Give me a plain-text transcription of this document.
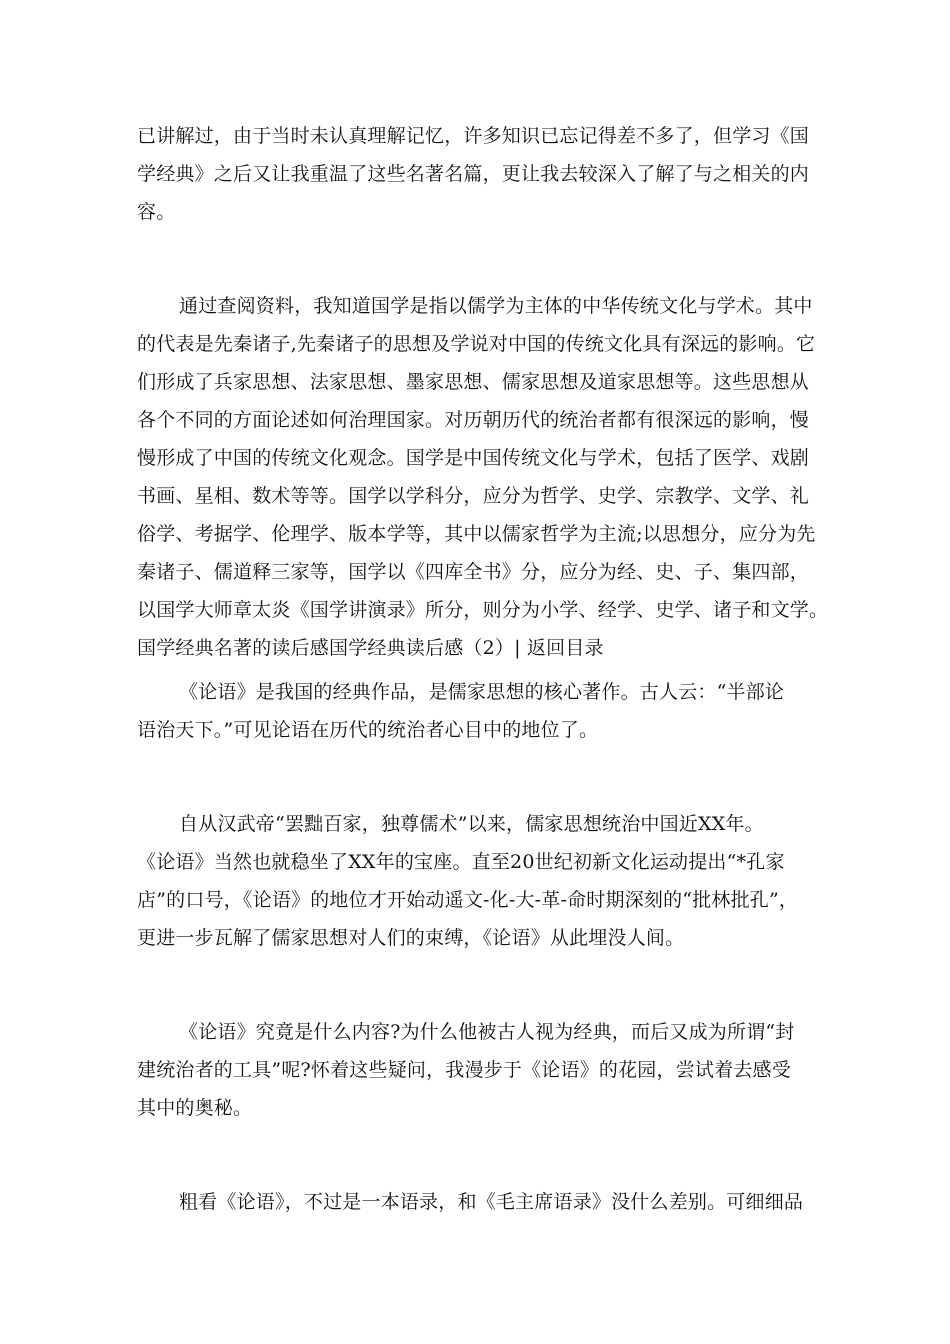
已讲解过，由于当时未认真理解记忆，许多知识已忘记得差不多了，但学习《国
学经典》之后又让我重温了这些名著名篇，更让我去较深入了解了与之相关的内
容。
通过查阅资料，我知道国学是指以儒学为主体的中华传统文化与学术。其中
的代表是先秦诸子,先秦诸子的思想及学说对中国的传统文化具有深远的影响。它
们形成了兵家思想、法家思想、墨家思想、儒家思想及道家思想等。这些思想从
各个不同的方面论述如何治理国家。对历朝历代的统治者都有很深远的影响，慢
慢形成了中国的传统文化观念。国学是中国传统文化与学术，包括了医学、戏剧
书画、星相、数术等等。国学以学科分，应分为哲学、史学、宗教学、文学、礼
俗学、考据学、伦理学、版本学等，其中以儒家哲学为主流;以思想分，应分为先
秦诸子、儒道释三家等，国学以《四库全书》分，应分为经、史、子、集四部，
以国学大师章太炎《国学讲演录》所分，则分为小学、经学、史学、诸子和文学。
国学经典名著的读后感国学经典读后感（2）| 返回目录
《论语》是我国的经典作品，是儒家思想的核心著作。古人云：“半部论
语治天下。”可见论语在历代的统治者心目中的地位了。
自从汉武帝“罢黜百家，独尊儒术”以来，儒家思想统治中国近XX年。
《论语》当然也就稳坐了XX年的宝座。直至20世纪初新文化运动提出“*孔家
店”的口号，《论语》的地位才开始动遥文-化-大-革-命时期深刻的“批林批孔”，
更进一步瓦解了儒家思想对人们的束缚，《论语》从此埋没人间。
《论语》究竟是什么内容?为什么他被古人视为经典，而后又成为所谓“封
建统治者的工具”呢?怀着这些疑问，我漫步于《论语》的花园，尝试着去感受
其中的奥秘。
粗看《论语》，不过是一本语录，和《毛主席语录》没什么差别。可细细品
